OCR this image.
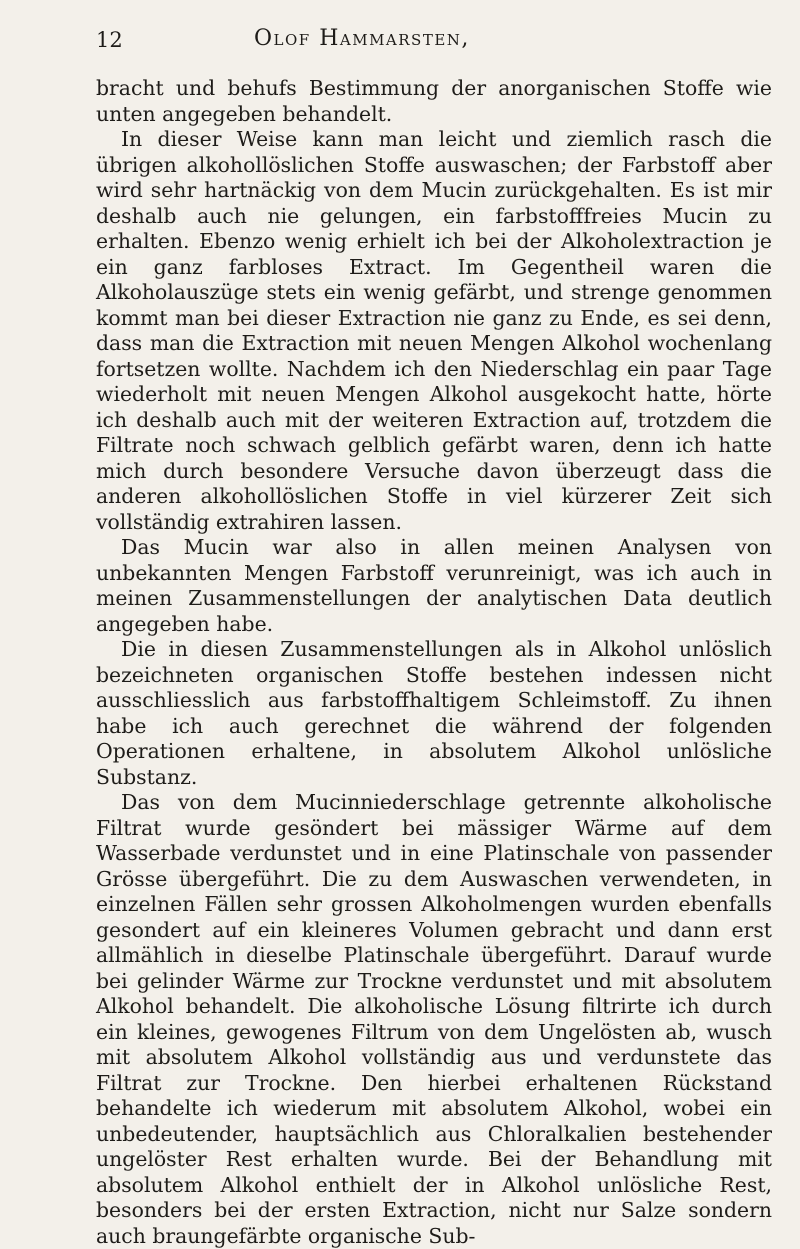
12	Olof Hammarsten,

bracht und behufs Bestimmung der anorganischen Stoffe wie unten angegeben behandelt.

In dieser Weise kann man leicht und ziemlich rasch die übrigen alkohollöslichen Stoffe auswaschen; der Farbstoff aber wird sehr hartnäckig von dem Mucin zurückgehalten. Es ist mir deshalb auch nie gelungen, ein farbstofffreies Mucin zu erhalten. Ebenzo wenig erhielt ich bei der Alkoholextraction je ein ganz farbloses Extract. Im Gegentheil waren die Alkoholauszüge stets ein wenig gefärbt, und strenge genommen kommt man bei dieser Extraction nie ganz zu Ende, es sei denn, dass man die Extraction mit neuen Mengen Alkohol wochenlang fortsetzen wollte. Nachdem ich den Niederschlag ein paar Tage wiederholt mit neuen Mengen Alkohol ausgekocht hatte, hörte ich deshalb auch mit der weiteren Extraction auf, trotzdem die Filtrate noch schwach gelblich gefärbt waren, denn ich hatte mich durch besondere Versuche davon überzeugt dass die anderen alkohollöslichen Stoffe in viel kürzerer Zeit sich vollständig extrahiren lassen.

Das Mucin war also in allen meinen Analysen von unbekannten Mengen Farbstoff verunreinigt, was ich auch in meinen Zusammenstellungen der analytischen Data deutlich angegeben habe.

Die in diesen Zusammenstellungen als in Alkohol unlöslich bezeichneten organischen Stoffe bestehen indessen nicht ausschliesslich aus farbstoffhaltigem Schleimstoff. Zu ihnen habe ich auch gerechnet die während der folgenden Operationen erhaltene, in absolutem Alkohol unlösliche Substanz.

Das von dem Mucinniederschlage getrennte alkoholische Filtrat wurde gesöndert bei mässiger Wärme auf dem Wasserbade verdunstet und in eine Platinschale von passender Grösse übergeführt. Die zu dem Auswaschen verwendeten, in einzelnen Fällen sehr grossen Alkoholmengen wurden ebenfalls gesondert auf ein kleineres Volumen gebracht und dann erst allmählich in dieselbe Platinschale übergeführt. Darauf wurde bei gelinder Wärme zur Trockne verdunstet und mit absolutem Alkohol behandelt. Die alkoholische Lösung filtrirte ich durch ein kleines, gewogenes Filtrum von dem Ungelösten ab, wusch mit absolutem Alkohol vollständig aus und verdunstete das Filtrat zur Trockne. Den hierbei erhaltenen Rückstand behandelte ich wiederum mit absolutem Alkohol, wobei ein unbedeutender, hauptsächlich aus Chloralkalien bestehender ungelöster Rest erhalten wurde. Bei der Behandlung mit absolutem Alkohol enthielt der in Alkohol unlösliche Rest, besonders bei der ersten Extraction, nicht nur Salze sondern auch braungefärbte organische Sub-
